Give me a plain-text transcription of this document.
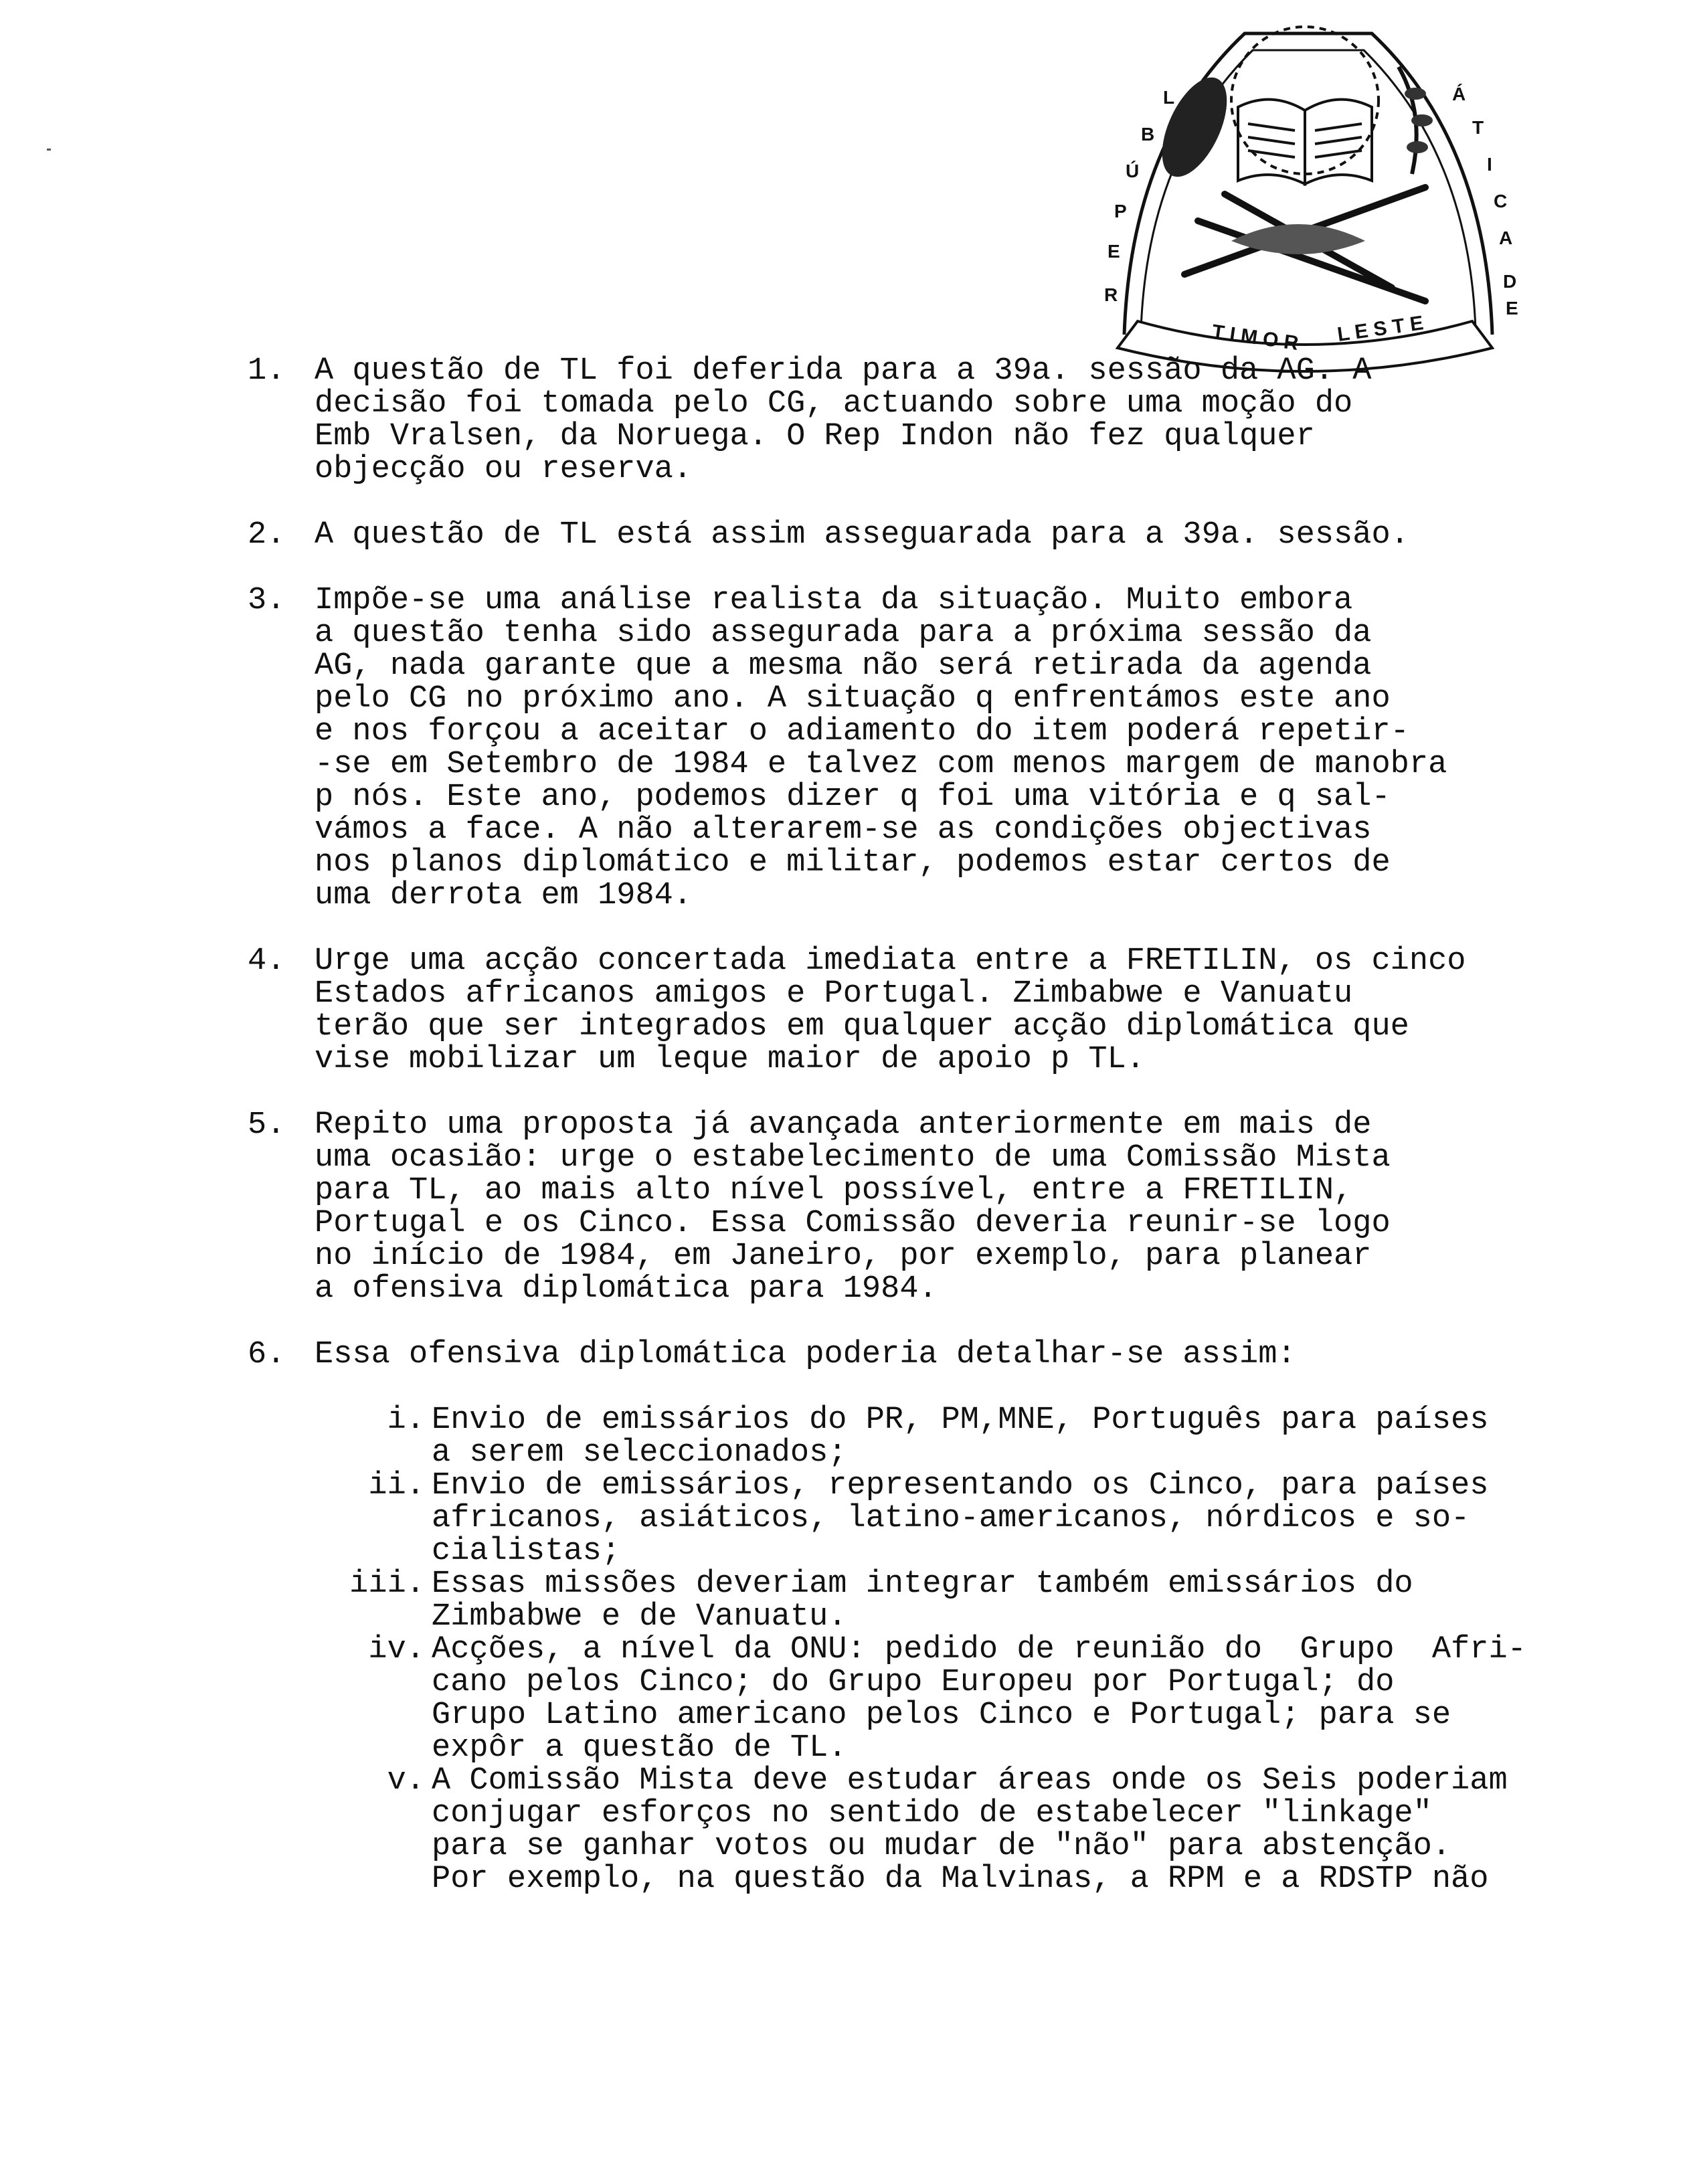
T I M O R L E S T E
R
E
P
Ú
B
L	Á
T
I
C
A
D
E
1. A questão de TL foi deferida para a 39a. sessão da AG. A
decisão foi tomada pelo CG, actuando sobre uma moção do
Emb Vralsen, da Noruega. O Rep Indon não fez qualquer
objecção ou reserva.
2. A questão de TL está assim asseguarada para a 39a. sessão.
3. Impõe-se uma análise realista da situação. Muito embora
a questão tenha sido assegurada para a próxima sessão da
AG, nada garante que a mesma não será retirada da agenda
pelo CG no próximo ano. A situação q enfrentámos este ano
e nos forçou a aceitar o adiamento do item poderá repetir-
-se em Setembro de 1984 e talvez com menos margem de manobra
p nós. Este ano, podemos dizer q foi uma vitória e q sal-
vámos a face. A não alterarem-se as condições objectivas
nos planos diplomático e militar, podemos estar certos de
uma derrota em 1984.
4. Urge uma acção concertada imediata entre a FRETILIN, os cinco
Estados africanos amigos e Portugal. Zimbabwe e Vanuatu
terão que ser integrados em qualquer acção diplomática que
vise mobilizar um leque maior de apoio p TL.
5. Repito uma proposta já avançada anteriormente em mais de
uma ocasião: urge o estabelecimento de uma Comissão Mista
para TL, ao mais alto nível possível, entre a FRETILIN,
Portugal e os Cinco. Essa Comissão deveria reunir-se logo
no início de 1984, em Janeiro, por exemplo, para planear
a ofensiva diplomática para 1984.
6. Essa ofensiva diplomática poderia detalhar-se assim:
i. Envio de emissários do PR, PM,MNE, Português para países
a serem seleccionados;
ii. Envio de emissários, representando os Cinco, para países
africanos, asiáticos, latino-americanos, nórdicos e so-
cialistas;
iii. Essas missões deveriam integrar também emissários do
Zimbabwe e de Vanuatu.
iv. Acções, a nível da ONU: pedido de reunião do  Grupo  Afri-
cano pelos Cinco; do Grupo Europeu por Portugal; do
Grupo Latino americano pelos Cinco e Portugal; para se
expôr a questão de TL.
v. A Comissão Mista deve estudar áreas onde os Seis poderiam
conjugar esforços no sentido de estabelecer "linkage"
para se ganhar votos ou mudar de "não" para abstenção.
Por exemplo, na questão da Malvinas, a RPM e a RDSTP não
